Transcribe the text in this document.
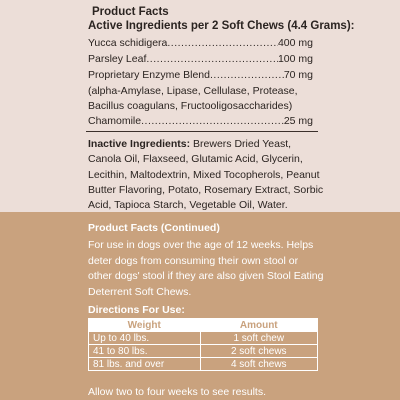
Product Facts
Active Ingredients per 2 Soft Chews (4.4 Grams):
Yucca schidigera .....	400 mg
Parsley Leaf .....	100 mg
Proprietary Enzyme Blend .....	70 mg
(alpha-Amylase, Lipase, Cellulase, Protease,
Bacillus coagulans, Fructooligosaccharides)
Chamomile .....	25 mg
Inactive Ingredients: Brewers Dried Yeast, Canola Oil, Flaxseed, Glutamic Acid, Glycerin, Lecithin, Maltodextrin, Mixed Tocopherols, Peanut Butter Flavoring, Potato, Rosemary Extract, Sorbic Acid, Tapioca Starch, Vegetable Oil, Water.
Product Facts (Continued)
For use in dogs over the age of 12 weeks. Helps deter dogs from consuming their own stool or other dogs' stool if they are also given Stool Eating Deterrent Soft Chews.
Directions For Use:
Weight	Amount
Up to 40 lbs.	1 soft chew
41 to 80 lbs.	2 soft chews
81 lbs. and over	4 soft chews
Allow two to four weeks to see results.
